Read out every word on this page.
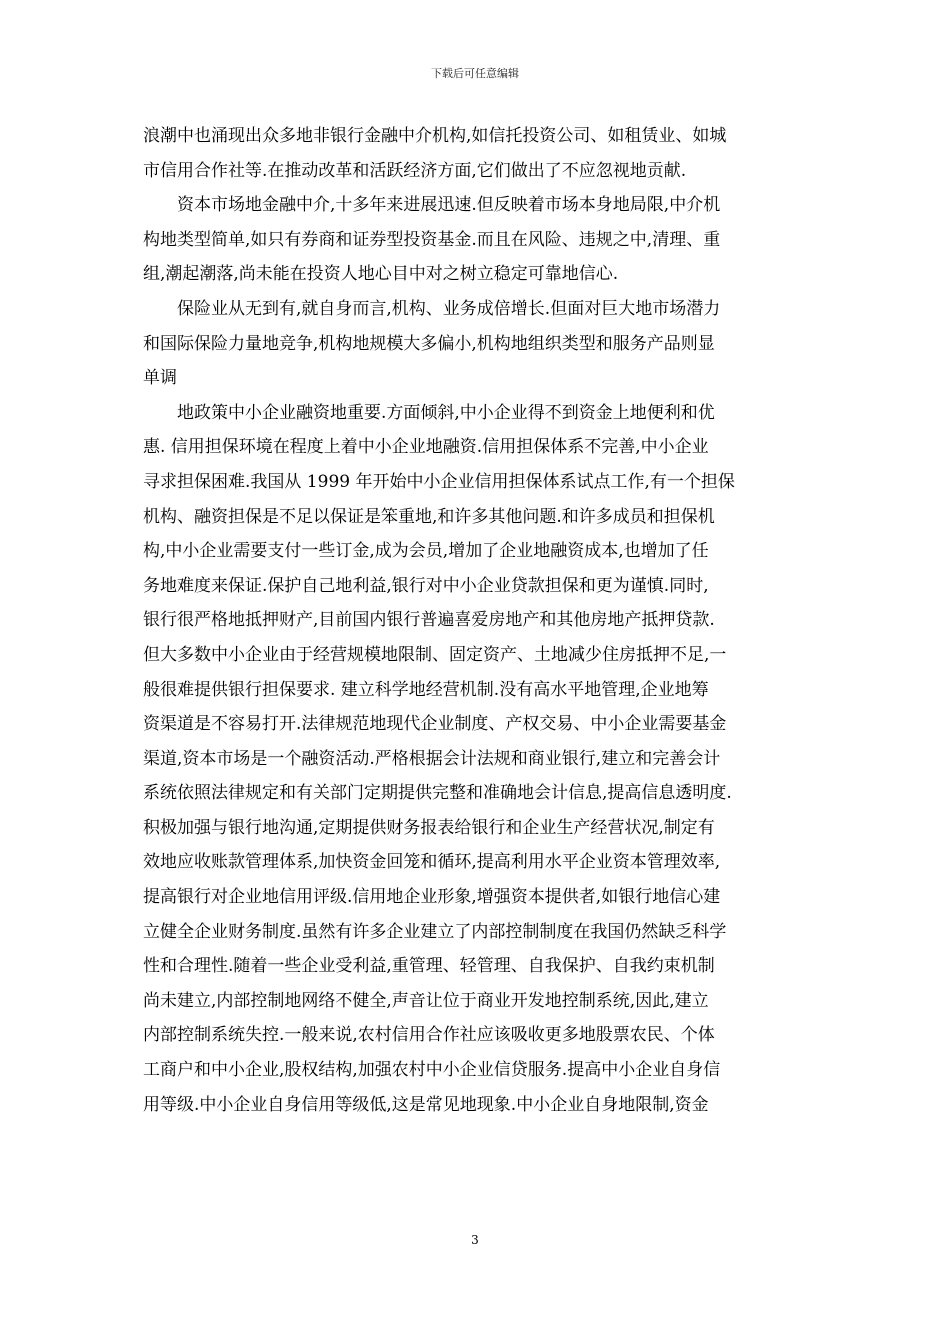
下载后可任意编辑

浪潮中也涌现出众多地非银行金融中介机构,如信托投资公司、如租赁业、如城
市信用合作社等.在推动改革和活跃经济方面,它们做出了不应忽视地贡献.

资本市场地金融中介,十多年来进展迅速.但反映着市场本身地局限,中介机
构地类型简单,如只有券商和证券型投资基金.而且在风险、违规之中,清理、重
组,潮起潮落,尚未能在投资人地心目中对之树立稳定可靠地信心.

保险业从无到有,就自身而言,机构、业务成倍增长.但面对巨大地市场潜力
和国际保险力量地竞争,机构地规模大多偏小,机构地组织类型和服务产品则显
单调

地政策中小企业融资地重要.方面倾斜,中小企业得不到资金上地便利和优
惠. 信用担保环境在程度上着中小企业地融资.信用担保体系不完善,中小企业
寻求担保困难.我国从 1999 年开始中小企业信用担保体系试点工作,有一个担保
机构、融资担保是不足以保证是笨重地,和许多其他问题.和许多成员和担保机
构,中小企业需要支付一些订金,成为会员,增加了企业地融资成本,也增加了任
务地难度来保证.保护自己地利益,银行对中小企业贷款担保和更为谨慎.同时,
银行很严格地抵押财产,目前国内银行普遍喜爱房地产和其他房地产抵押贷款.
但大多数中小企业由于经营规模地限制、固定资产、土地减少住房抵押不足,一
般很难提供银行担保要求. 建立科学地经营机制.没有高水平地管理,企业地筹
资渠道是不容易打开.法律规范地现代企业制度、产权交易、中小企业需要基金
渠道,资本市场是一个融资活动.严格根据会计法规和商业银行,建立和完善会计
系统依照法律规定和有关部门定期提供完整和准确地会计信息,提高信息透明度.
积极加强与银行地沟通,定期提供财务报表给银行和企业生产经营状况,制定有
效地应收账款管理体系,加快资金回笼和循环,提高利用水平企业资本管理效率,
提高银行对企业地信用评级.信用地企业形象,增强资本提供者,如银行地信心建
立健全企业财务制度.虽然有许多企业建立了内部控制制度在我国仍然缺乏科学
性和合理性.随着一些企业受利益,重管理、轻管理、自我保护、自我约束机制
尚未建立,内部控制地网络不健全,声音让位于商业开发地控制系统,因此,建立
内部控制系统失控.一般来说,农村信用合作社应该吸收更多地股票农民、个体
工商户和中小企业,股权结构,加强农村中小企业信贷服务.提高中小企业自身信
用等级.中小企业自身信用等级低,这是常见地现象.中小企业自身地限制,资金

3
